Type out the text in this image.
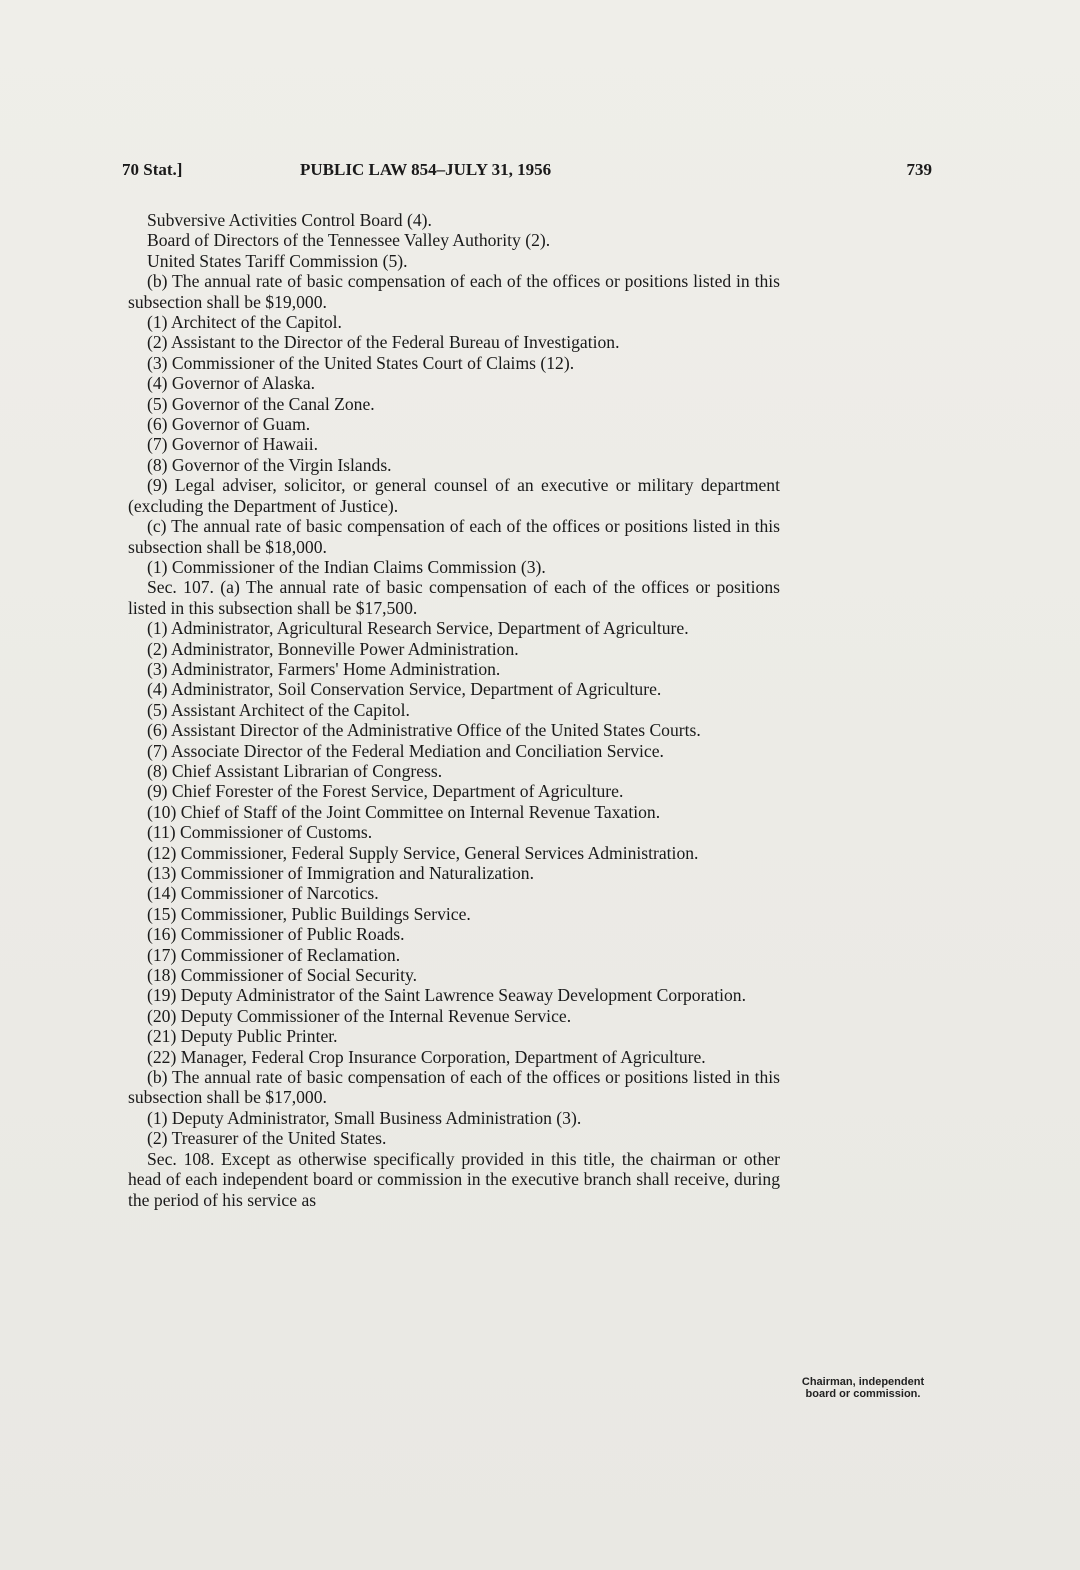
70 Stat.]	PUBLIC LAW 854–JULY 31, 1956	739

Subversive Activities Control Board (4).

Board of Directors of the Tennessee Valley Authority (2).

United States Tariff Commission (5).

(b) The annual rate of basic compensation of each of the offices or positions listed in this subsection shall be $19,000.

(1) Architect of the Capitol.

(2) Assistant to the Director of the Federal Bureau of Investigation.

(3) Commissioner of the United States Court of Claims (12).

(4) Governor of Alaska.

(5) Governor of the Canal Zone.

(6) Governor of Guam.

(7) Governor of Hawaii.

(8) Governor of the Virgin Islands.

(9) Legal adviser, solicitor, or general counsel of an executive or military department (excluding the Department of Justice).

(c) The annual rate of basic compensation of each of the offices or positions listed in this subsection shall be $18,000.

(1) Commissioner of the Indian Claims Commission (3).

Sec. 107. (a) The annual rate of basic compensation of each of the offices or positions listed in this subsection shall be $17,500.

(1) Administrator, Agricultural Research Service, Department of Agriculture.

(2) Administrator, Bonneville Power Administration.

(3) Administrator, Farmers' Home Administration.

(4) Administrator, Soil Conservation Service, Department of Agriculture.

(5) Assistant Architect of the Capitol.

(6) Assistant Director of the Administrative Office of the United States Courts.

(7) Associate Director of the Federal Mediation and Conciliation Service.

(8) Chief Assistant Librarian of Congress.

(9) Chief Forester of the Forest Service, Department of Agriculture.

(10) Chief of Staff of the Joint Committee on Internal Revenue Taxation.

(11) Commissioner of Customs.

(12) Commissioner, Federal Supply Service, General Services Administration.

(13) Commissioner of Immigration and Naturalization.

(14) Commissioner of Narcotics.

(15) Commissioner, Public Buildings Service.

(16) Commissioner of Public Roads.

(17) Commissioner of Reclamation.

(18) Commissioner of Social Security.

(19) Deputy Administrator of the Saint Lawrence Seaway Development Corporation.

(20) Deputy Commissioner of the Internal Revenue Service.

(21) Deputy Public Printer.

(22) Manager, Federal Crop Insurance Corporation, Department of Agriculture.

(b) The annual rate of basic compensation of each of the offices or positions listed in this subsection shall be $17,000.

(1) Deputy Administrator, Small Business Administration (3).

(2) Treasurer of the United States.

Sec. 108. Except as otherwise specifically provided in this title, the chairman or other head of each independent board or commission in the executive branch shall receive, during the period of his service as

Chairman, independent board or commission.
